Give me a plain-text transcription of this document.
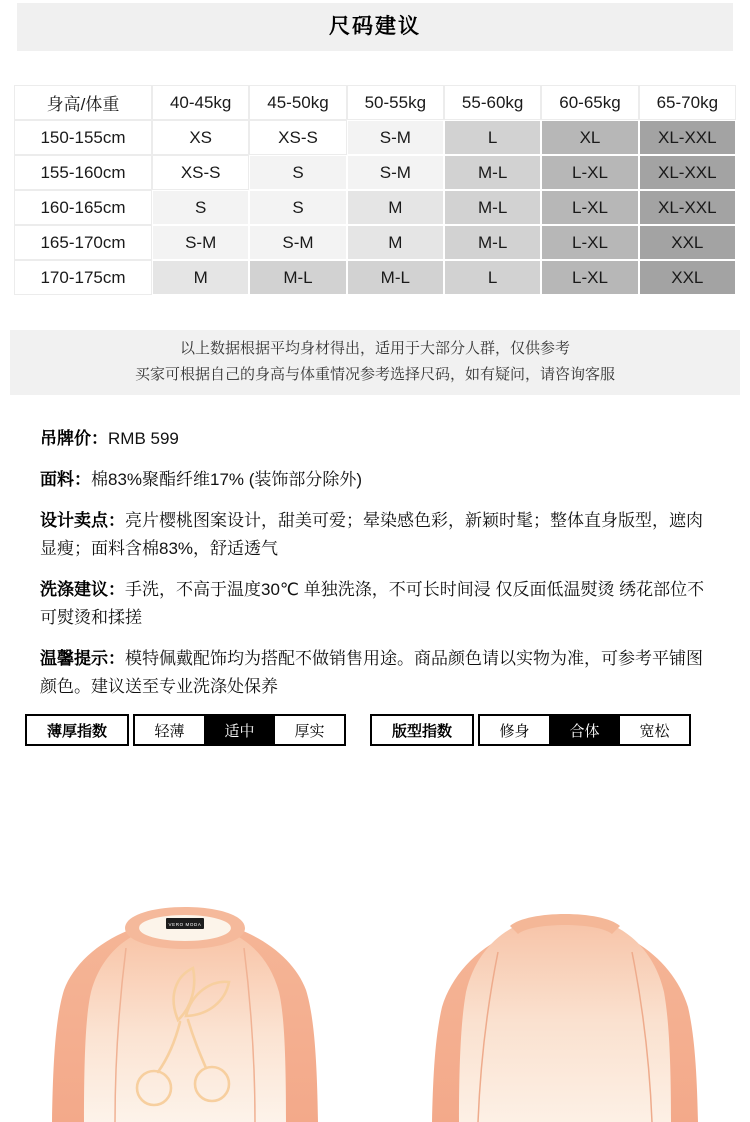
尺码建议
身高/体重	40-45kg	45-50kg	50-55kg	55-60kg	60-65kg	65-70kg
150-155cm	XS	XS-S	S-M	L	XL	XL-XXL
155-160cm	XS-S	S	S-M	M-L	L-XL	XL-XXL
160-165cm	S	S	M	M-L	L-XL	XL-XXL
165-170cm	S-M	S-M	M	M-L	L-XL	XXL
170-175cm	M	M-L	M-L	L	L-XL	XXL
以上数据根据平均身材得出，适用于大部分人群，仅供参考
买家可根据自己的身高与体重情况参考选择尺码，如有疑问，请咨询客服

吊牌价：RMB 599

面料：棉83%聚酯纤维17% (装饰部分除外)

设计卖点：亮片樱桃图案设计，甜美可爱；晕染感色彩，新颖时髦；整体直身版型，遮肉显瘦；面料含棉83%，舒适透气

洗涤建议：手洗，不高于温度30℃ 单独洗涤，不可长时间浸 仅反面低温熨烫 绣花部位不可熨烫和揉搓

温馨提示：模特佩戴配饰均为搭配不做销售用途。商品颜色请以实物为准，可参考平铺图颜色。建议送至专业洗涤处保养

薄厚指数	轻薄	适中	厚实	版型指数	修身	合体	宽松
VERO MODA
